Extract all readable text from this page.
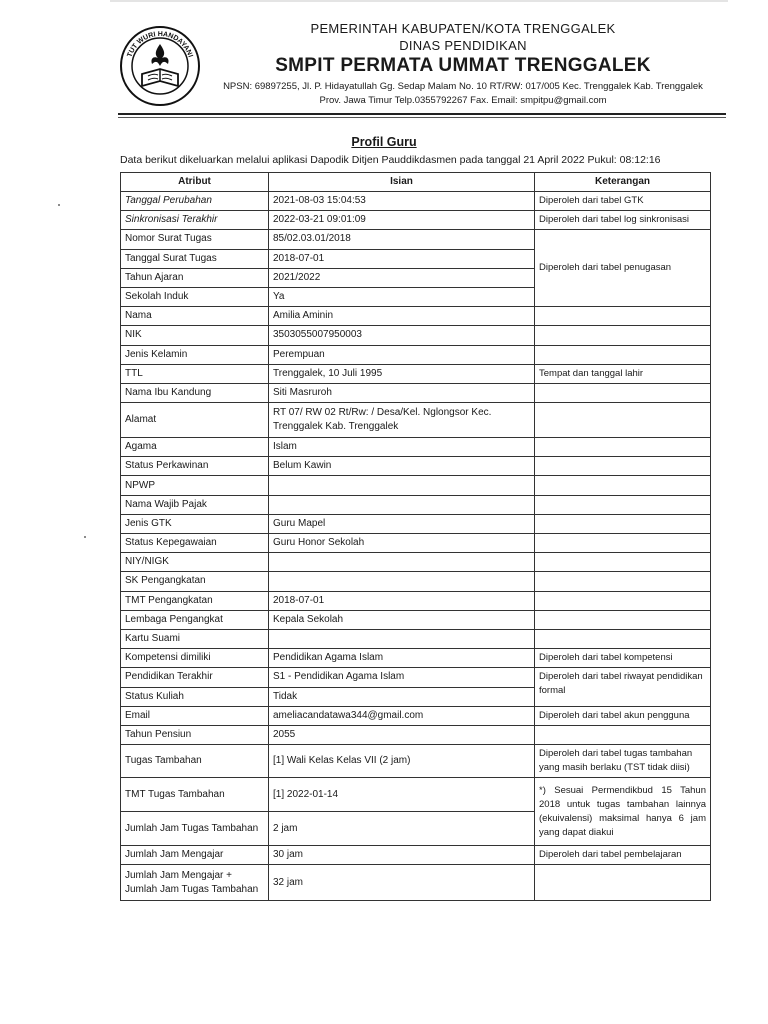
TUT WURI HANDAYANI
PEMERINTAH KABUPATEN/KOTA TRENGGALEK
DINAS PENDIDIKAN
SMPIT PERMATA UMMAT TRENGGALEK
NPSN: 69897255, Jl. P. Hidayatullah Gg. Sedap Malam No. 10 RT/RW: 017/005 Kec. Trenggalek Kab. Trenggalek
Prov. Jawa Timur Telp.0355792267 Fax. Email: smpitpu@gmail.com
Profil Guru
Data berikut dikeluarkan melalui aplikasi Dapodik Ditjen Pauddikdasmen pada tanggal 21 April 2022 Pukul: 08:12:16
Atribut	Isian	Keterangan
Tanggal Perubahan	2021-08-03 15:04:53	Diperoleh dari tabel GTK
Sinkronisasi Terakhir	2022-03-21 09:01:09	Diperoleh dari tabel log sinkronisasi
Nomor Surat Tugas	85/02.03.01/2018	Diperoleh dari tabel penugasan
Tanggal Surat Tugas	2018-07-01	
Tahun Ajaran	2021/2022	
Sekolah Induk	Ya	
Nama	Amilia Aminin	
NIK	3503055007950003	
Jenis Kelamin	Perempuan	
TTL	Trenggalek, 10 Juli 1995	Tempat dan tanggal lahir
Nama Ibu Kandung	Siti Masruroh	
Alamat	RT 07/ RW 02 Rt/Rw: / Desa/Kel. Nglongsor Kec. Trenggalek Kab. Trenggalek	
Agama	Islam	
Status Perkawinan	Belum Kawin	
NPWP		
Nama Wajib Pajak		
Jenis GTK	Guru Mapel	
Status Kepegawaian	Guru Honor Sekolah	
NIY/NIGK		
SK Pengangkatan		
TMT Pengangkatan	2018-07-01	
Lembaga Pengangkat	Kepala Sekolah	
Kartu Suami		
Kompetensi dimiliki	Pendidikan Agama Islam	Diperoleh dari tabel kompetensi
Pendidikan Terakhir	S1 - Pendidikan Agama Islam	Diperoleh dari tabel riwayat pendidikan formal
Status Kuliah	Tidak	
Email	ameliacandatawa344@gmail.com	Diperoleh dari tabel akun pengguna
Tahun Pensiun	2055	
Tugas Tambahan	[1] Wali Kelas Kelas VII (2 jam)	Diperoleh dari tabel tugas tambahan yang masih berlaku (TST tidak diisi)
TMT Tugas Tambahan	[1] 2022-01-14	*) Sesuai Permendikbud 15 Tahun 2018 untuk tugas tambahan lainnya (ekuivalensi) maksimal hanya 6 jam yang dapat diakui
Jumlah Jam Tugas Tambahan	2 jam	
Jumlah Jam Mengajar	30 jam	Diperoleh dari tabel pembelajaran
Jumlah Jam Mengajar + Jumlah Jam Tugas Tambahan	32 jam	
